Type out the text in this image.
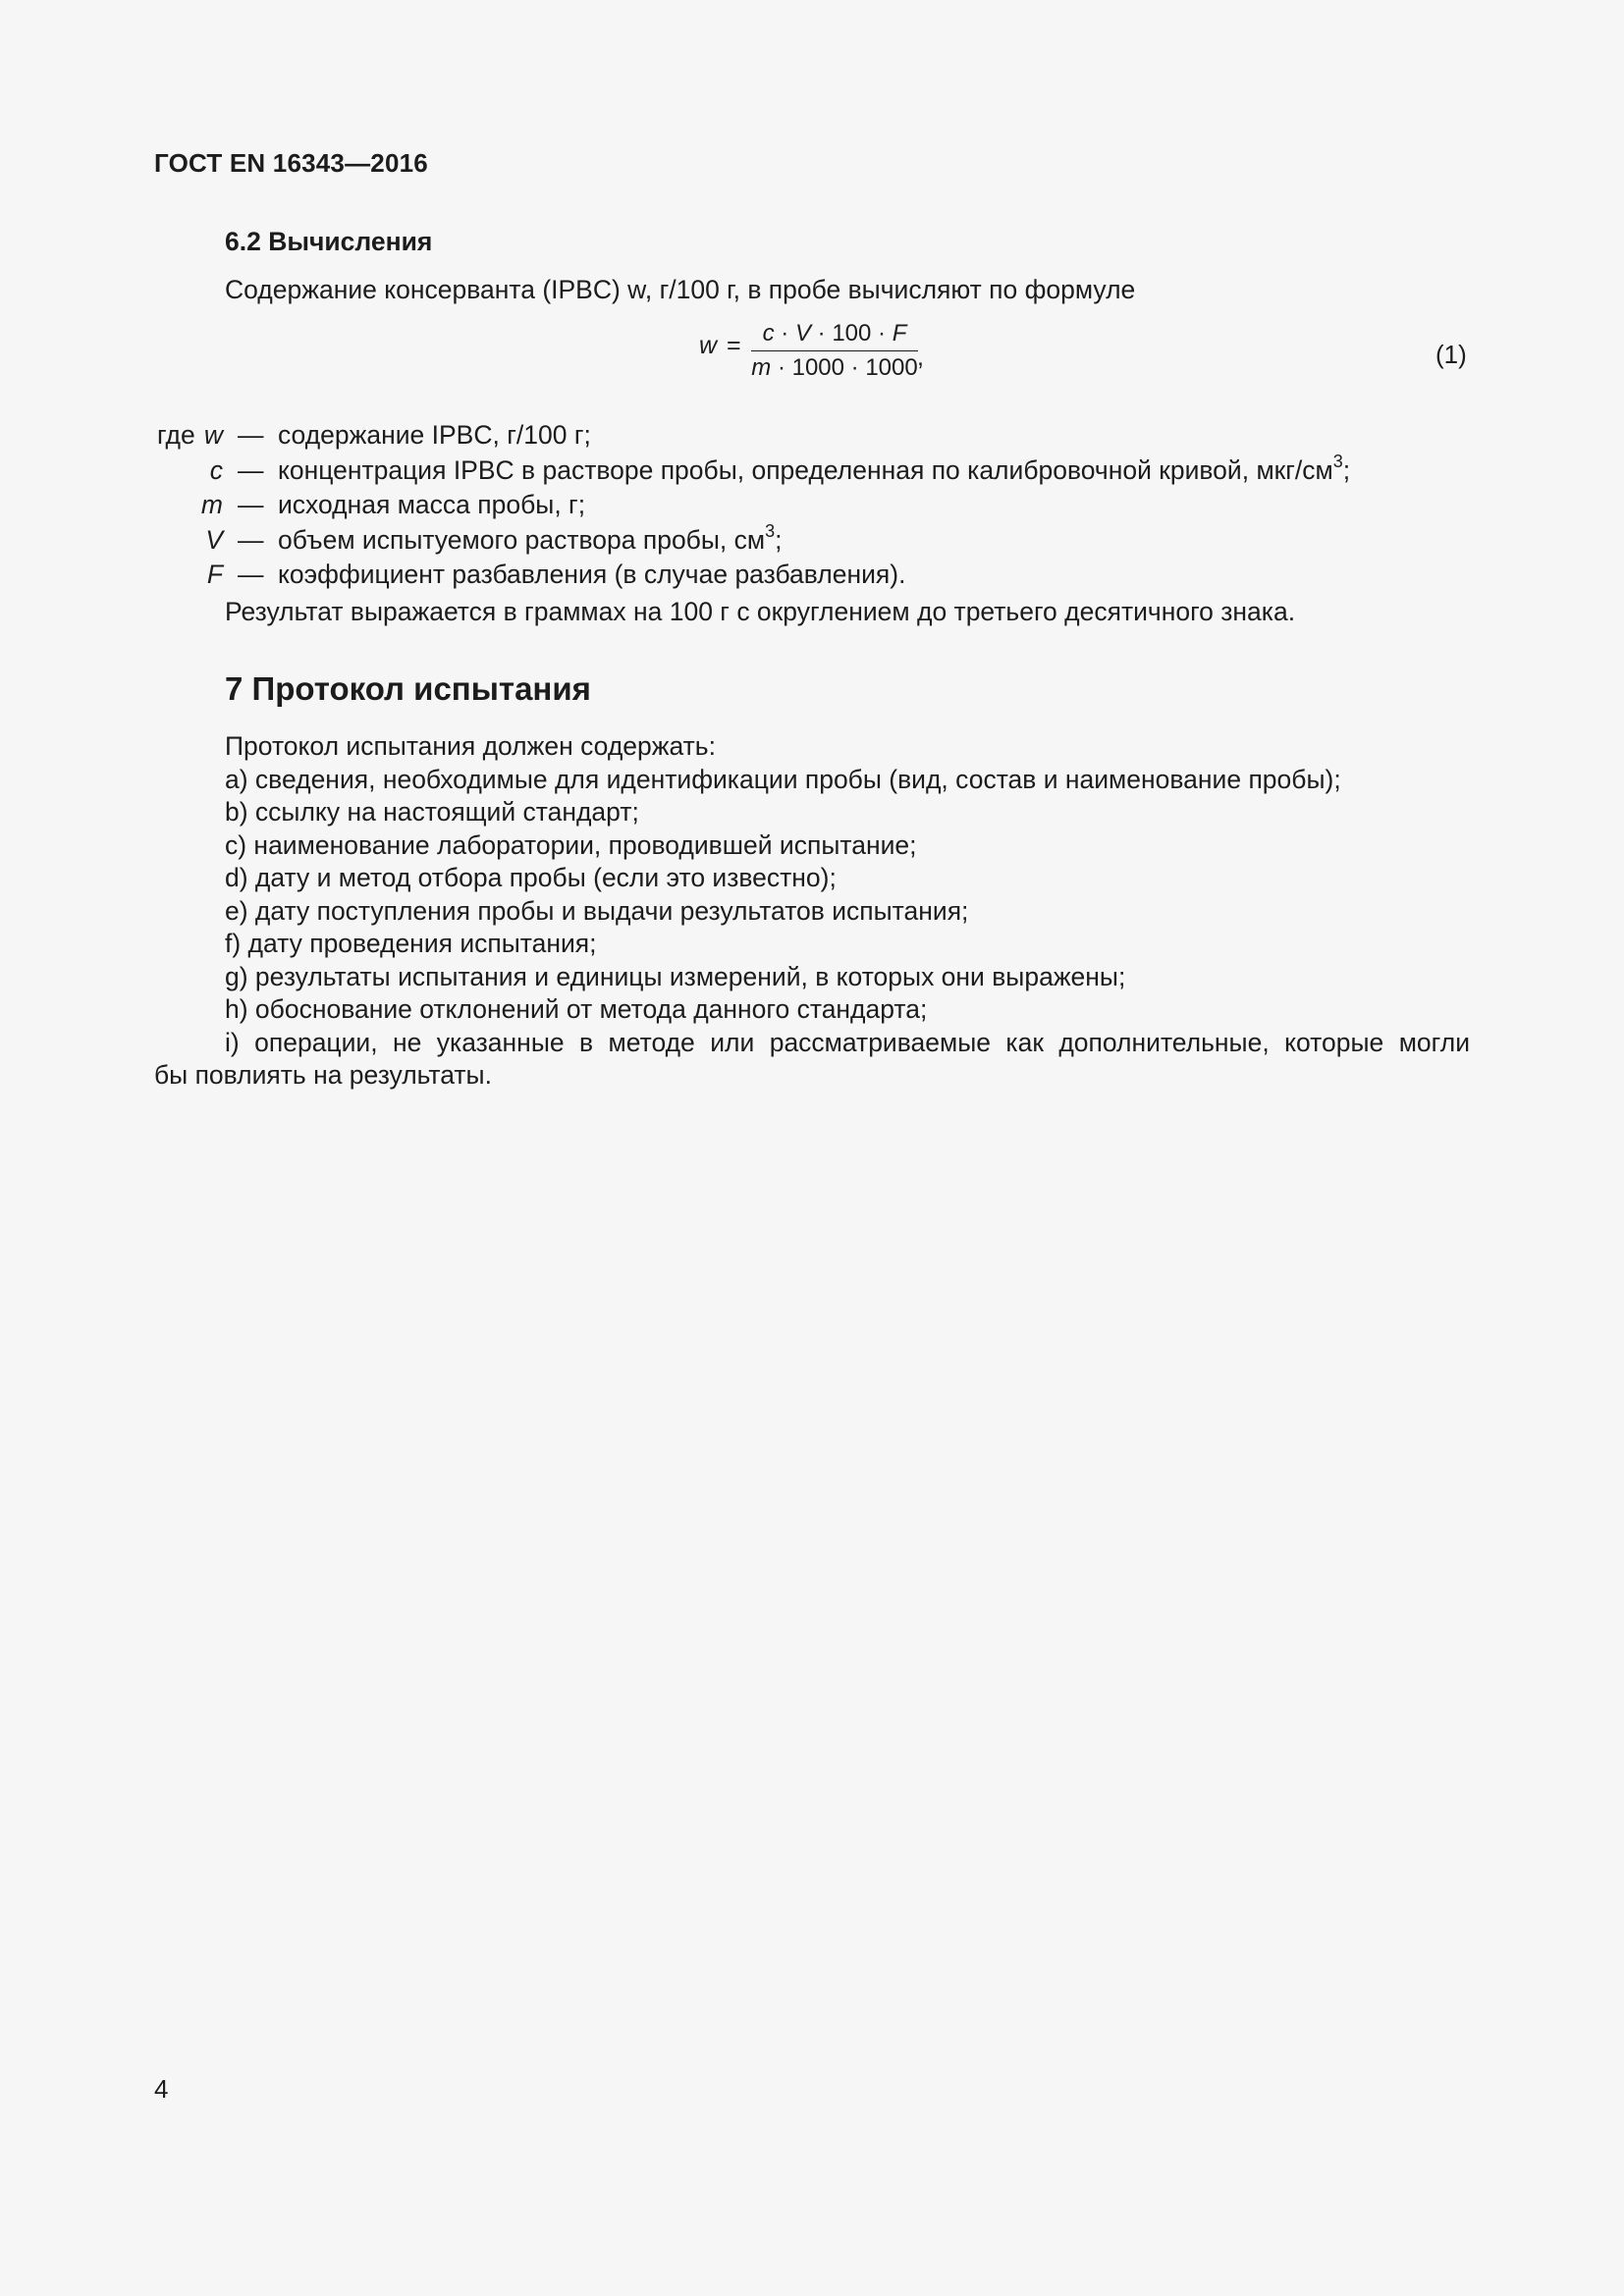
ГОСТ EN 16343—2016
6.2 Вычисления
Содержание консерванта (IPBC) w, г/100 г, в пробе вычисляют по формуле
w = c · V · 100 · F
m · 1000 · 1000 ,	(1)
где w — содержание IPBC, г/100 г;
c — концентрация IPBC в растворе пробы, определенная по калибровочной кривой, мкг/$см^3$;
m — исходная масса пробы, г;
V — объем испытуемого раствора пробы, $см^3$;
F — коэффициент разбавления (в случае разбавления).
Результат выражается в граммах на 100 г с округлением до третьего десятичного знака.
7 Протокол испытания
Протокол испытания должен содержать:
a) сведения, необходимые для идентификации пробы (вид, состав и наименование пробы);
b) ссылку на настоящий стандарт;
c) наименование лаборатории, проводившей испытание;
d) дату и метод отбора пробы (если это известно);
e) дату поступления пробы и выдачи результатов испытания;
f) дату проведения испытания;
g) результаты испытания и единицы измерений, в которых они выражены;
h) обоснование отклонений от метода данного стандарта;
i) операции, не указанные в методе или рассматриваемые как дополнительные, которые могли
бы повлиять на результаты.
4
